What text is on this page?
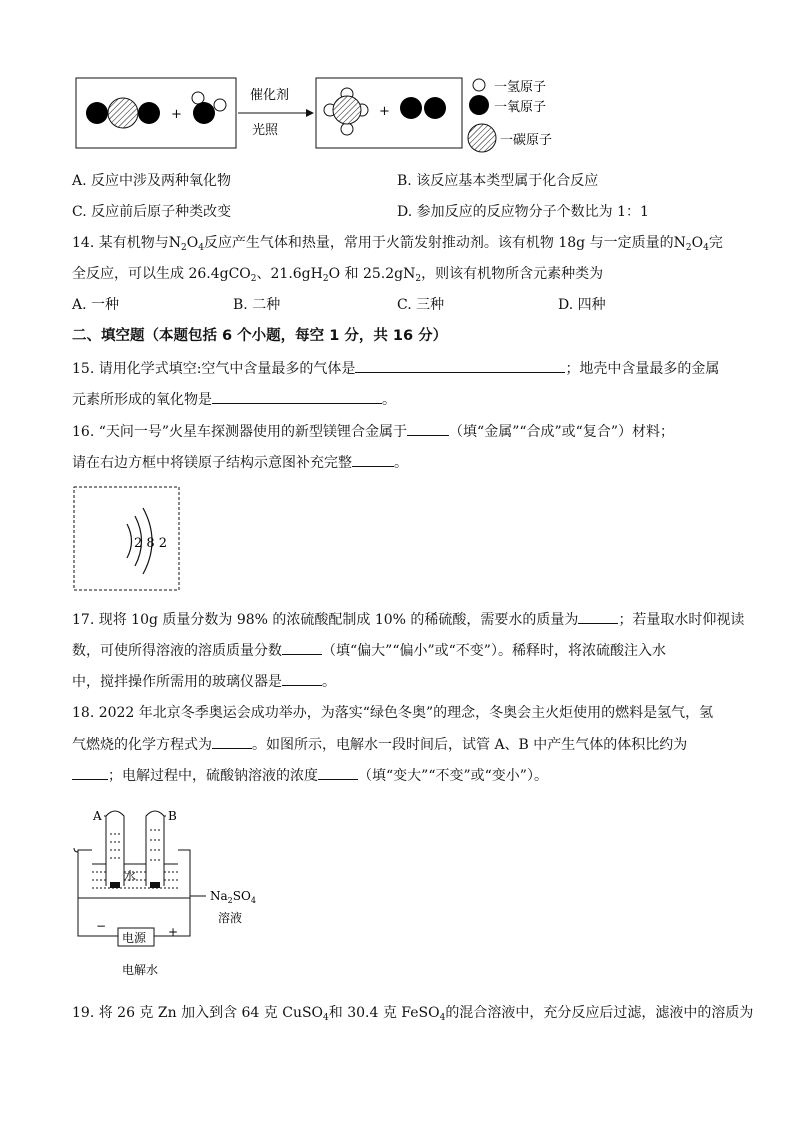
+
催化剂
光照
+
一氢原子
一氧原子
一碳原子
A. 反应中涉及两种氧化物	B. 该反应基本类型属于化合反应
C. 反应前后原子种类改变	D. 参加反应的反应物分子个数比为 1：1
14. 某有机物与$N_2O_4$反应产生气体和热量，常用于火箭发射推动剂。该有机物 18g 与一定质量的$N_2O_4$完
全反应，可以生成 26.4gCO$_2$、$21.6gH_2O$ 和 $25.2gN_2$，则该有机物所含元素种类为
A. 一种	B. 二种	C. 三种	D. 四种
二、填空题（本题包括 6 个小题，每空 1 分，共 16 分）
15. 请用化学式填空:空气中含量最多的气体是	；地壳中含量最多的金属
元素所形成的氧化物是	。
16. “天问一号”火星车探测器使用的新型镁锂合金属于	（填“金属”“合成”或“复合”）材料；
请在右边方框中将镁原子结构示意图补充完整	。
2 8 2
17. 现将 10g 质量分数为 98% 的浓硫酸配制成 10% 的稀硫酸，需要水的质量为	；若量取水时仰视读
数，可使所得溶液的溶质质量分数	（填“偏大”“偏小”或“不变”）。稀释时，将浓硫酸注入水
中，搅拌操作所需用的玻璃仪器是	。
18. 2022 年北京冬季奥运会成功举办，为落实“绿色冬奥”的理念，冬奥会主火炬使用的燃料是氢气，氢
气燃烧的化学方程式为	。如图所示，电解水一段时间后，试管 A、B 中产生气体的体积比约为
；电解过程中，硫酸钠溶液的浓度	（填“变大”“不变”或“变小”）。
A	B
水
电源
−	+
$Na_2SO_4$
溶液
电解水
19. 将 26 克 Zn 加入到含 64 克 CuSO$_4$和 30.4 克 FeSO$_4$的混合溶液中，充分反应后过滤，滤液中的溶质为
